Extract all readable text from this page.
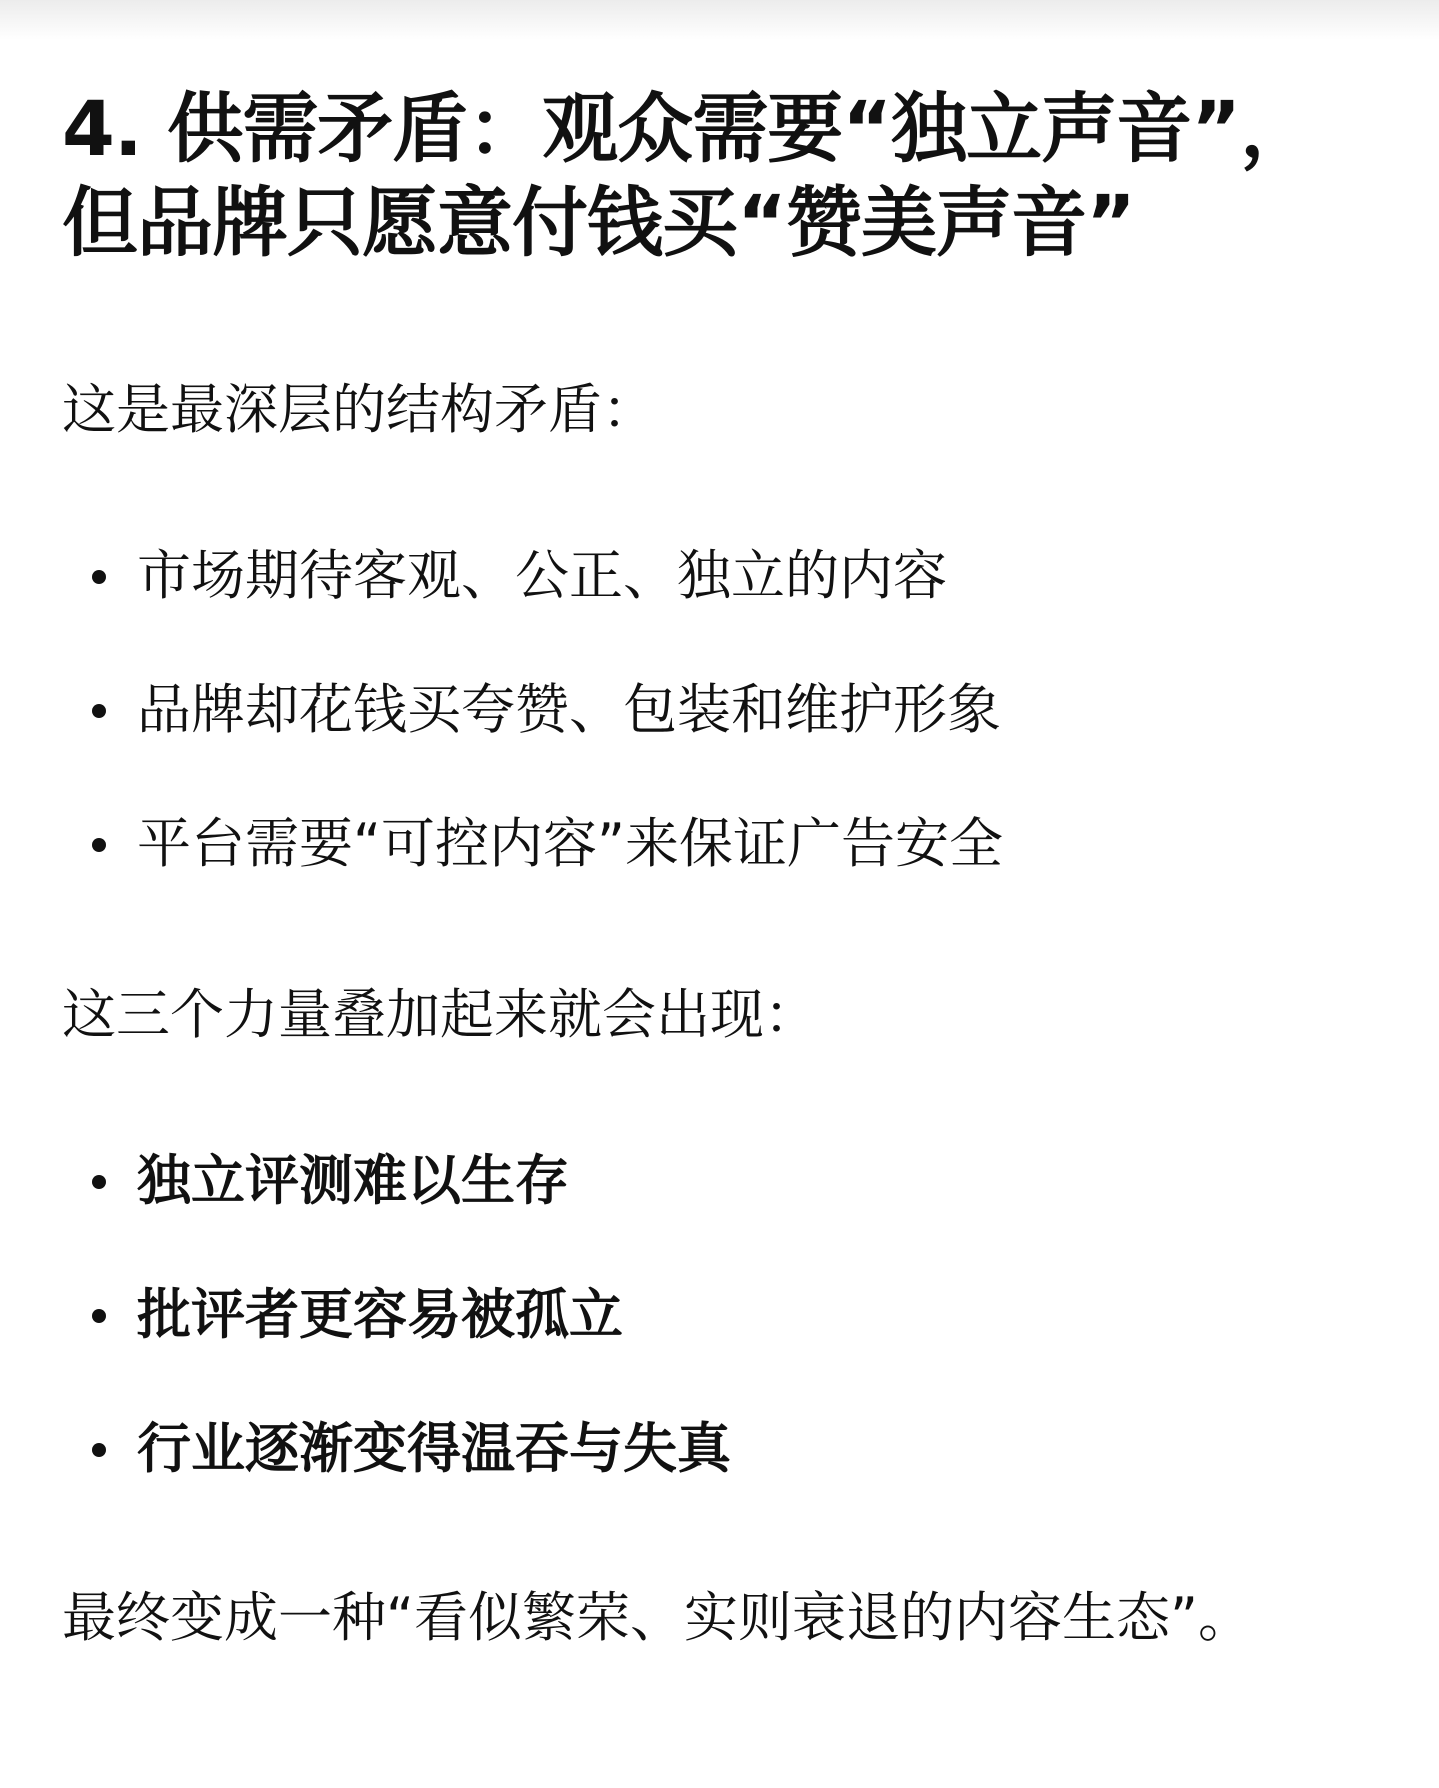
4. 供需矛盾：观众需要“独立声音”，
但品牌只愿意付钱买“赞美声音”

这是最深层的结构矛盾：

市场期待客观、公正、独立的内容
品牌却花钱买夸赞、包装和维护形象
平台需要“可控内容”来保证广告安全

这三个力量叠加起来就会出现：

独立评测难以生存
批评者更容易被孤立
行业逐渐变得温吞与失真

最终变成一种“看似繁荣、实则衰退的内容生态”。
